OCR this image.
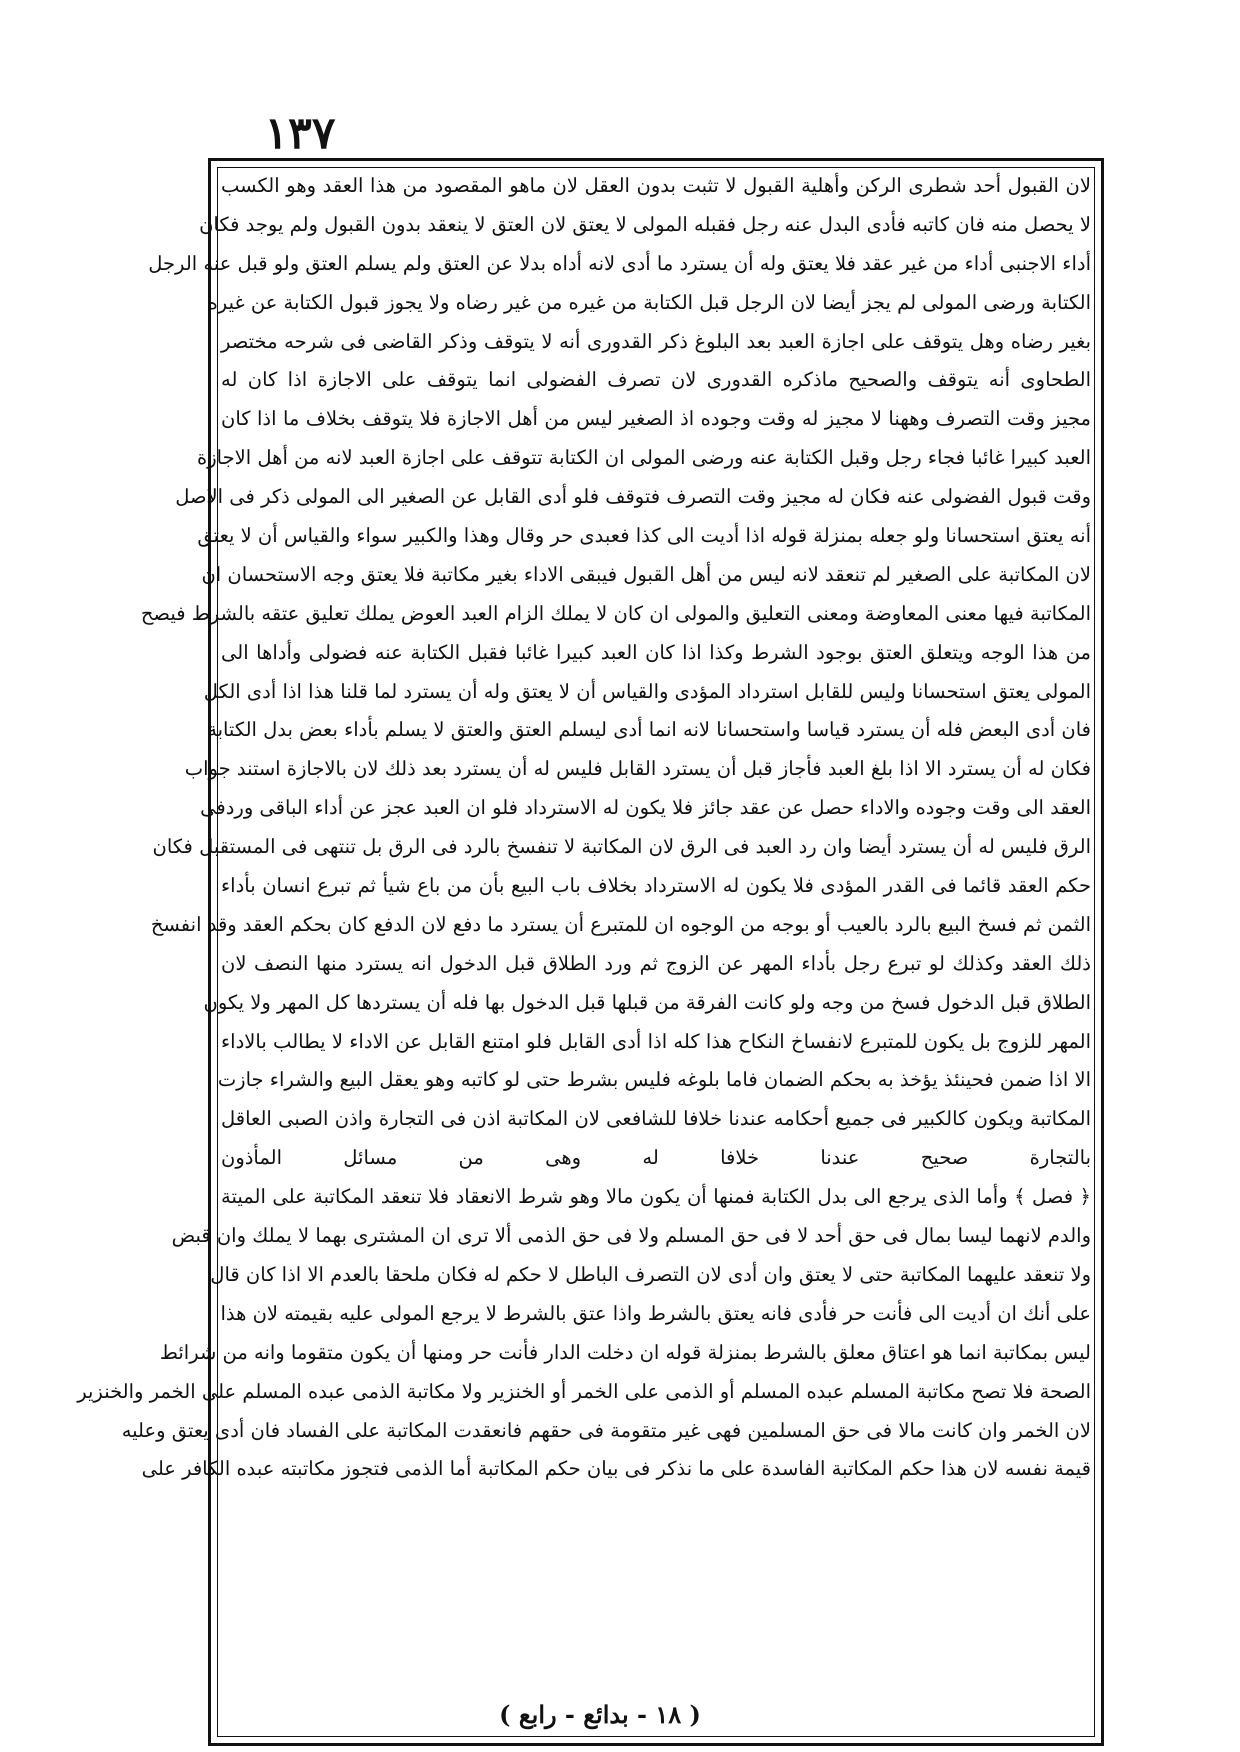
١٣٧
لان القبول أحد شطرى الركن وأهلية القبول لا تثبت بدون العقل لان ماهو المقصود من هذا العقد وهو الكسب
لا يحصل منه فان كاتبه فأدى البدل عنه رجل فقبله المولى لا يعتق لان العتق لا ينعقد بدون القبول ولم يوجد فكان
أداء الاجنبى أداء من غير عقد فلا يعتق وله أن يسترد ما أدى لانه أداه بدلا عن العتق ولم يسلم العتق ولو قبل عنه الرجل
الكتابة ورضى المولى لم يجز أيضا لان الرجل قبل الكتابة من غيره من غير رضاه ولا يجوز قبول الكتابة عن غيره
بغير رضاه وهل يتوقف على اجازة العبد بعد البلوغ ذكر القدورى أنه لا يتوقف وذكر القاضى فى شرحه مختصر
الطحاوى أنه يتوقف والصحيح ماذكره القدورى لان تصرف الفضولى انما يتوقف على الاجازة اذا كان له
مجيز وقت التصرف وههنا لا مجيز له وقت وجوده اذ الصغير ليس من أهل الاجازة فلا يتوقف بخلاف ما اذا كان
العبد كبيرا غائبا فجاء رجل وقبل الكتابة عنه ورضى المولى ان الكتابة تتوقف على اجازة العبد لانه من أهل الاجازة
وقت قبول الفضولى عنه فكان له مجيز وقت التصرف فتوقف فلو أدى القابل عن الصغير الى المولى ذكر فى الاصل
أنه يعتق استحسانا ولو جعله بمنزلة قوله اذا أديت الى كذا فعبدى حر وقال وهذا والكبير سواء والقياس أن لا يعتق
لان المكاتبة على الصغير لم تنعقد لانه ليس من أهل القبول فيبقى الاداء بغير مكاتبة فلا يعتق وجه الاستحسان ان
المكاتبة فيها معنى المعاوضة ومعنى التعليق والمولى ان كان لا يملك الزام العبد العوض يملك تعليق عتقه بالشرط فيصح
من هذا الوجه ويتعلق العتق بوجود الشرط وكذا اذا كان العبد كبيرا غائبا فقبل الكتابة عنه فضولى وأداها الى
المولى يعتق استحسانا وليس للقابل استرداد المؤدى والقياس أن لا يعتق وله أن يسترد لما قلنا هذا اذا أدى الكل
فان أدى البعض فله أن يسترد قياسا واستحسانا لانه انما أدى ليسلم العتق والعتق لا يسلم بأداء بعض بدل الكتابة
فكان له أن يسترد الا اذا بلغ العبد فأجاز قبل أن يسترد القابل فليس له أن يسترد بعد ذلك لان بالاجازة استند جواب
العقد الى وقت وجوده والاداء حصل عن عقد جائز فلا يكون له الاسترداد فلو ان العبد عجز عن أداء الباقى وردفى
الرق فليس له أن يسترد أيضا وان رد العبد فى الرق لان المكاتبة لا تنفسخ بالرد فى الرق بل تنتهى فى المستقبل فكان
حكم العقد قائما فى القدر المؤدى فلا يكون له الاسترداد بخلاف باب البيع بأن من باع شيأ ثم تبرع انسان بأداء
الثمن ثم فسخ البيع بالرد بالعيب أو بوجه من الوجوه ان للمتبرع أن يسترد ما دفع لان الدفع كان بحكم العقد وقد انفسخ
ذلك العقد وكذلك لو تبرع رجل بأداء المهر عن الزوج ثم ورد الطلاق قبل الدخول انه يسترد منها النصف لان
الطلاق قبل الدخول فسخ من وجه ولو كانت الفرقة من قبلها قبل الدخول بها فله أن يستردها كل المهر ولا يكون
المهر للزوج بل يكون للمتبرع لانفساخ النكاح هذا كله اذا أدى القابل فلو امتنع القابل عن الاداء لا يطالب بالاداء
الا اذا ضمن فحينئذ يؤخذ به بحكم الضمان فاما بلوغه فليس بشرط حتى لو كاتبه وهو يعقل البيع والشراء جازت
المكاتبة ويكون كالكبير فى جميع أحكامه عندنا خلافا للشافعى لان المكاتبة اذن فى التجارة واذن الصبى العاقل
بالتجارة صحيح عندنا خلافا له وهى من مسائل المأذون
﴿ فصل ﴾ وأما الذى يرجع الى بدل الكتابة فمنها أن يكون مالا وهو شرط الانعقاد فلا تنعقد المكاتبة على الميتة
والدم لانهما ليسا بمال فى حق أحد لا فى حق المسلم ولا فى حق الذمى ألا ترى ان المشترى بهما لا يملك وان قبض
ولا تنعقد عليهما المكاتبة حتى لا يعتق وان أدى لان التصرف الباطل لا حكم له فكان ملحقا بالعدم الا اذا كان قال
على أنك ان أديت الى فأنت حر فأدى فانه يعتق بالشرط واذا عتق بالشرط لا يرجع المولى عليه بقيمته لان هذا
ليس بمكاتبة انما هو اعتاق معلق بالشرط بمنزلة قوله ان دخلت الدار فأنت حر ومنها أن يكون متقوما وانه من شرائط
الصحة فلا تصح مكاتبة المسلم عبده المسلم أو الذمى على الخمر أو الخنزير ولا مكاتبة الذمى عبده المسلم على الخمر والخنزير
لان الخمر وان كانت مالا فى حق المسلمين فهى غير متقومة فى حقهم فانعقدت المكاتبة على الفساد فان أدى يعتق وعليه
قيمة نفسه لان هذا حكم المكاتبة الفاسدة على ما نذكر فى بيان حكم المكاتبة أما الذمى فتجوز مكاتبته عبده الكافر على
( ١٨ - بدائع - رابع )
